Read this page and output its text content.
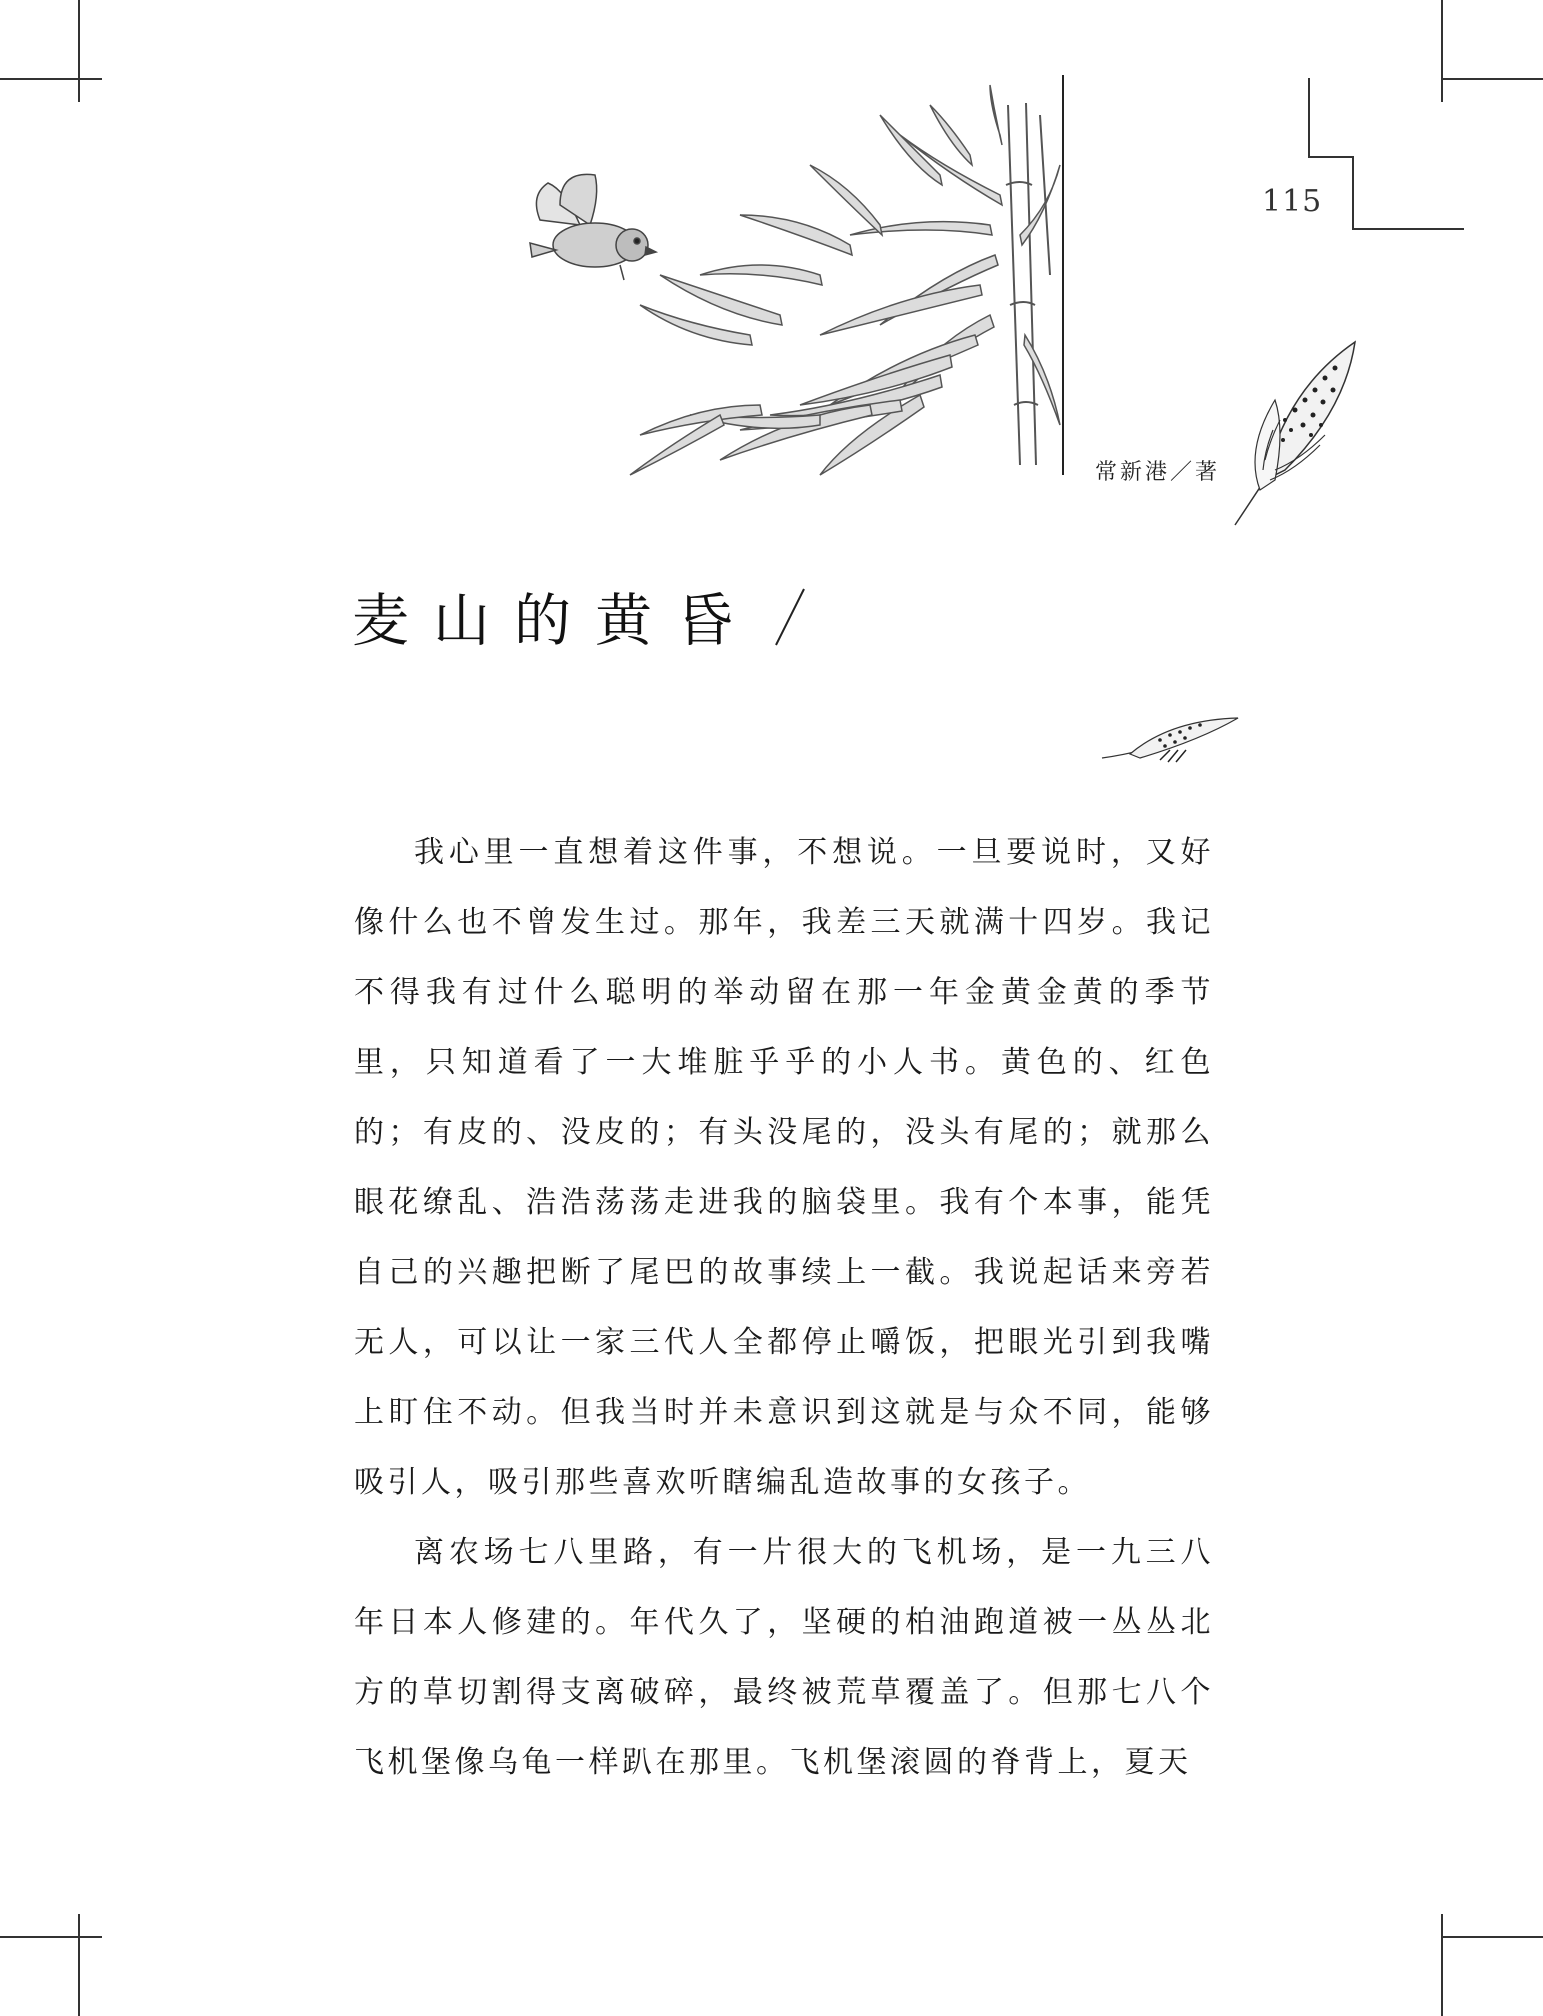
115
常新港／著
麦山的黄昏

我心里一直想着这件事，不想说。一旦要说时，又好像什么也不曾发生过。那年，我差三天就满十四岁。我记不得我有过什么聪明的举动留在那一年金黄金黄的季节里，只知道看了一大堆脏乎乎的小人书。黄色的、红色的；有皮的、没皮的；有头没尾的，没头有尾的；就那么眼花缭乱、浩浩荡荡走进我的脑袋里。我有个本事，能凭自己的兴趣把断了尾巴的故事续上一截。我说起话来旁若无人，可以让一家三代人全都停止嚼饭，把眼光引到我嘴上盯住不动。但我当时并未意识到这就是与众不同，能够吸引人，吸引那些喜欢听瞎编乱造故事的女孩子。

离农场七八里路，有一片很大的飞机场，是一九三八年日本人修建的。年代久了，坚硬的柏油跑道被一丛丛北方的草切割得支离破碎，最终被荒草覆盖了。但那七八个飞机堡像乌龟一样趴在那里。飞机堡滚圆的脊背上，夏天
